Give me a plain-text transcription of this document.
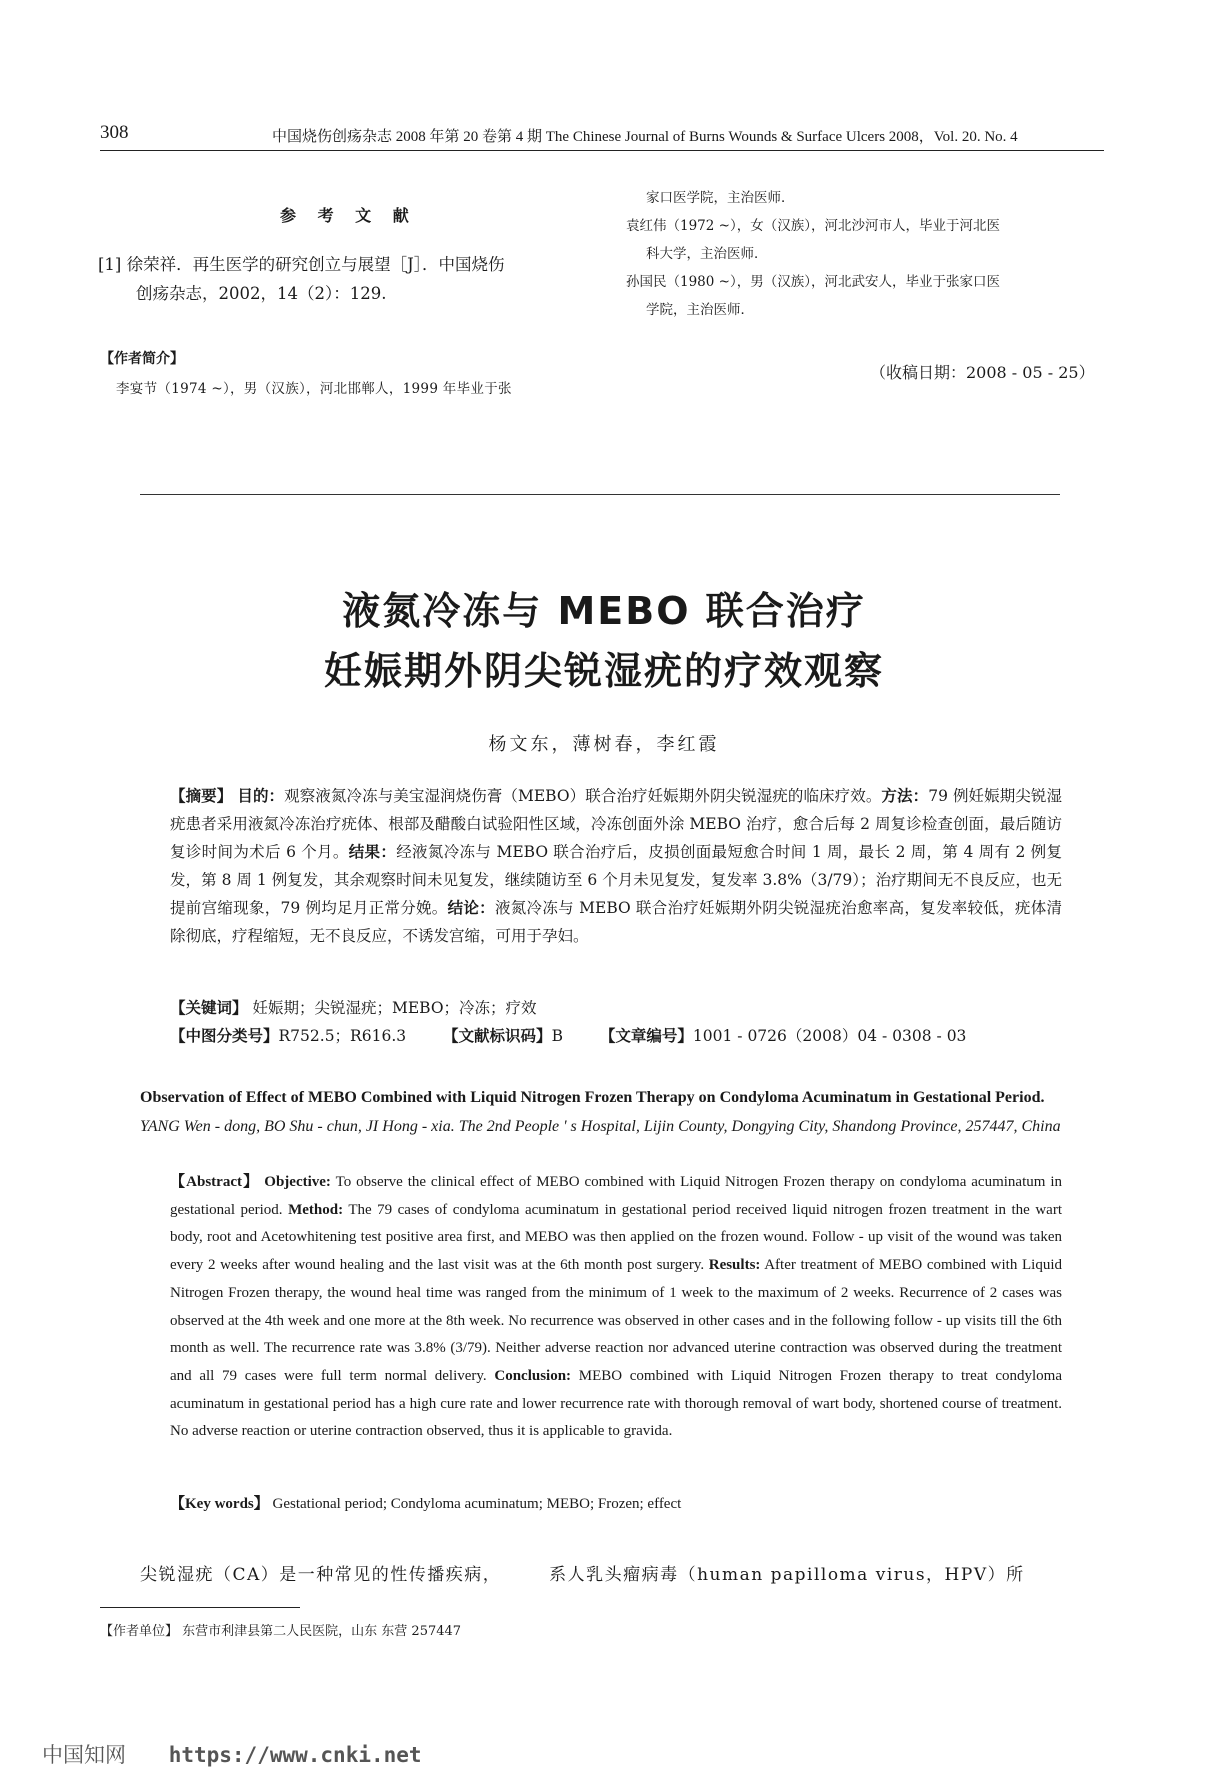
308	中国烧伤创疡杂志 2008 年第 20 卷第 4 期 The Chinese Journal of Burns Wounds & Surface Ulcers 2008，Vol. 20. No. 4
参 考 文 献
[1] 徐荣祥．再生医学的研究创立与展望［J］．中国烧伤
创疡杂志，2002，14（2）：129.
【作者简介】
李宴节（1974 ~），男（汉族），河北邯郸人，1999 年毕业于张

家口医学院，主治医师．

袁红伟（1972 ~），女（汉族），河北沙河市人，毕业于河北医

科大学，主治医师．

孙国民（1980 ~），男（汉族），河北武安人，毕业于张家口医

学院，主治医师．

（收稿日期：2008 - 05 - 25）
液氮冷冻与 MEBO 联合治疗
妊娠期外阴尖锐湿疣的疗效观察
杨文东，薄树春，李红霞

【摘要】 目的：观察液氮冷冻与美宝湿润烧伤膏（MEBO）联合治疗妊娠期外阴尖锐湿疣的临床疗效。方法：79 例妊娠期尖锐湿疣患者采用液氮冷冻治疗疣体、根部及醋酸白试验阳性区域，冷冻创面外涂 MEBO 治疗，愈合后每 2 周复诊检查创面，最后随访复诊时间为术后 6 个月。结果：经液氮冷冻与 MEBO 联合治疗后，皮损创面最短愈合时间 1 周，最长 2 周，第 4 周有 2 例复发，第 8 周 1 例复发，其余观察时间未见复发，继续随访至 6 个月未见复发，复发率 3.8%（3/79）；治疗期间无不良反应，也无提前宫缩现象，79 例均足月正常分娩。结论：液氮冷冻与 MEBO 联合治疗妊娠期外阴尖锐湿疣治愈率高，复发率较低，疣体清除彻底，疗程缩短，无不良反应，不诱发宫缩，可用于孕妇。

【关键词】 妊娠期；尖锐湿疣；MEBO；冷冻；疗效
【中图分类号】R752.5；R616.3 【文献标识码】B 【文章编号】1001 - 0726（2008）04 - 0308 - 03
Observation of Effect of MEBO Combined with Liquid Nitrogen Frozen Therapy on Condyloma Acuminatum in Gestational Period. YANG Wen - dong, BO Shu - chun, JI Hong - xia. The 2nd People ' s Hospital, Lijin County, Dongying City, Shandong Province, 257447, China
【Abstract】 Objective: To observe the clinical effect of MEBO combined with Liquid Nitrogen Frozen therapy on condyloma acuminatum in gestational period. Method: The 79 cases of condyloma acuminatum in gestational period received liquid nitrogen frozen treatment in the wart body, root and Acetowhitening test positive area first, and MEBO was then applied on the frozen wound. Follow - up visit of the wound was taken every 2 weeks after wound healing and the last visit was at the 6th month post surgery. Results: After treatment of MEBO combined with Liquid Nitrogen Frozen therapy, the wound heal time was ranged from the minimum of 1 week to the maximum of 2 weeks. Recurrence of 2 cases was observed at the 4th week and one more at the 8th week. No recurrence was observed in other cases and in the following follow - up visits till the 6th month as well. The recurrence rate was 3.8% (3/79). Neither adverse reaction nor advanced uterine contraction was observed during the treatment and all 79 cases were full term normal delivery. Conclusion: MEBO combined with Liquid Nitrogen Frozen therapy to treat condyloma acuminatum in gestational period has a high cure rate and lower recurrence rate with thorough removal of wart body, shortened course of treatment. No adverse reaction or uterine contraction observed, thus it is applicable to gravida.
【Key words】 Gestational period; Condyloma acuminatum; MEBO; Frozen; effect
尖锐湿疣（CA）是一种常见的性传播疾病，	系人乳头瘤病毒（human papilloma virus，HPV）所
【作者单位】 东营市利津县第二人民医院，山东 东营 257447
中国知网 https://www.cnki.net
